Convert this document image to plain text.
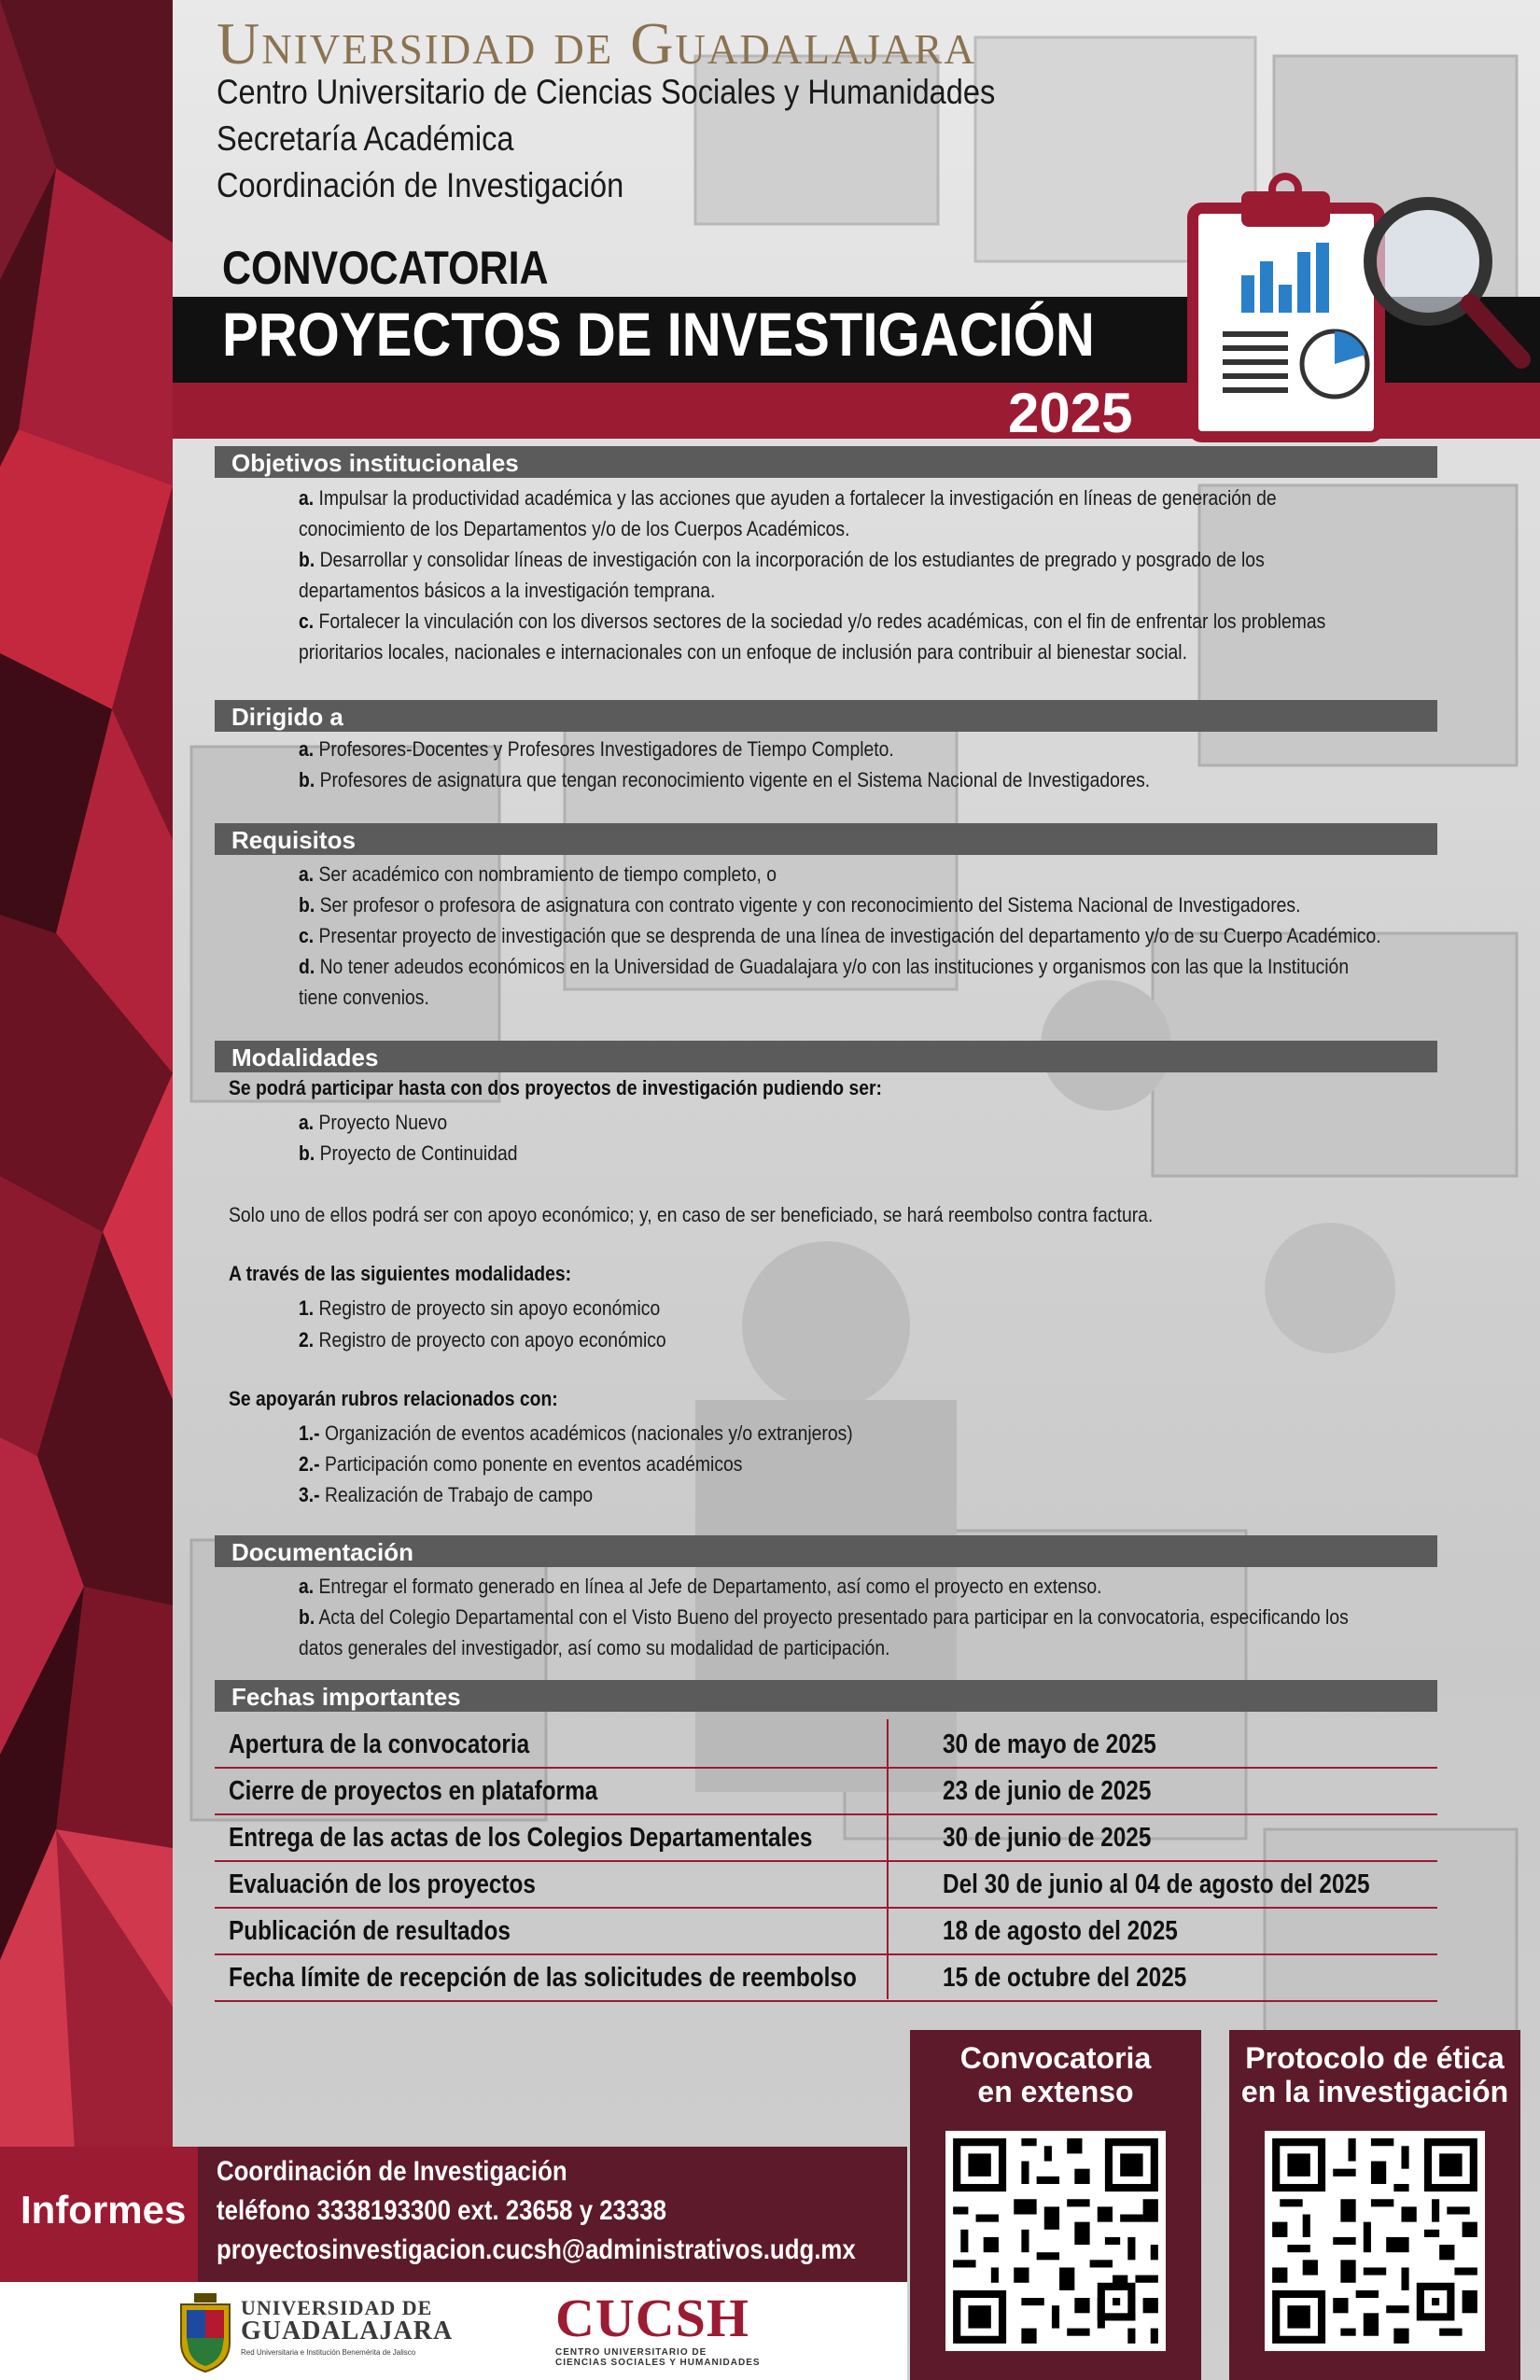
Universidad de Guadalajara
Centro Universitario de Ciencias Sociales y Humanidades
Secretaría Académica
Coordinación de Investigación
CONVOCATORIA
PROYECTOS DE INVESTIGACIÓN
2025
Objetivos institucionales
a. Impulsar la productividad académica y las acciones que ayuden a fortalecer la investigación en líneas de generación de
conocimiento de los Departamentos y/o de los Cuerpos Académicos.
b. Desarrollar y consolidar líneas de investigación con la incorporación de los estudiantes de pregrado y posgrado de los
departamentos básicos a la investigación temprana.
c. Fortalecer la vinculación con los diversos sectores de la sociedad y/o redes académicas, con el fin de enfrentar los problemas
prioritarios locales, nacionales e internacionales con un enfoque de inclusión para contribuir al bienestar social.
Dirigido a
a. Profesores-Docentes y Profesores Investigadores de Tiempo Completo.
b. Profesores de asignatura que tengan reconocimiento vigente en el Sistema Nacional de Investigadores.
Requisitos
a. Ser académico con nombramiento de tiempo completo, o
b. Ser profesor o profesora de asignatura con contrato vigente y con reconocimiento del Sistema Nacional de Investigadores.
c. Presentar proyecto de investigación que se desprenda de una línea de investigación del departamento y/o de su Cuerpo Académico.
d. No tener adeudos económicos en la Universidad de Guadalajara y/o con las instituciones y organismos con las que la Institución
tiene convenios.
Modalidades
Se podrá participar hasta con dos proyectos de investigación pudiendo ser:
a. Proyecto Nuevo
b. Proyecto de Continuidad
Solo uno de ellos podrá ser con apoyo económico; y, en caso de ser beneficiado, se hará reembolso contra factura.
A través de las siguientes modalidades:
1. Registro de proyecto sin apoyo económico
2. Registro de proyecto con apoyo económico
Se apoyarán rubros relacionados con:
1.- Organización de eventos académicos (nacionales y/o extranjeros)
2.- Participación como ponente en eventos académicos
3.- Realización de Trabajo de campo
Documentación
a. Entregar el formato generado en línea al Jefe de Departamento, así como el proyecto en extenso.
b. Acta del Colegio Departamental con el Visto Bueno del proyecto presentado para participar en la convocatoria, especificando los
datos generales del investigador, así como su modalidad de participación.
Fechas importantes
Apertura de la convocatoria	30 de mayo de 2025
Cierre de proyectos en plataforma	23 de junio de 2025
Entrega de las actas de los Colegios Departamentales	30 de junio de 2025
Evaluación de los proyectos	Del 30 de junio al 04 de agosto del 2025
Publicación de resultados	18 de agosto del 2025
Fecha límite de recepción de las solicitudes de reembolso	15 de octubre del 2025
Informes
Coordinación de Investigación
teléfono 3338193300 ext. 23658 y 23338
proyectosinvestigacion.cucsh@administrativos.udg.mx
Convocatoria
en extenso
Protocolo de ética
en la investigación
UNIVERSIDAD DE
GUADALAJARA
Red Universitaria e Institución Benemérita de Jalisco
CUCSH
CENTRO UNIVERSITARIO DE
CIENCIAS SOCIALES Y HUMANIDADES
